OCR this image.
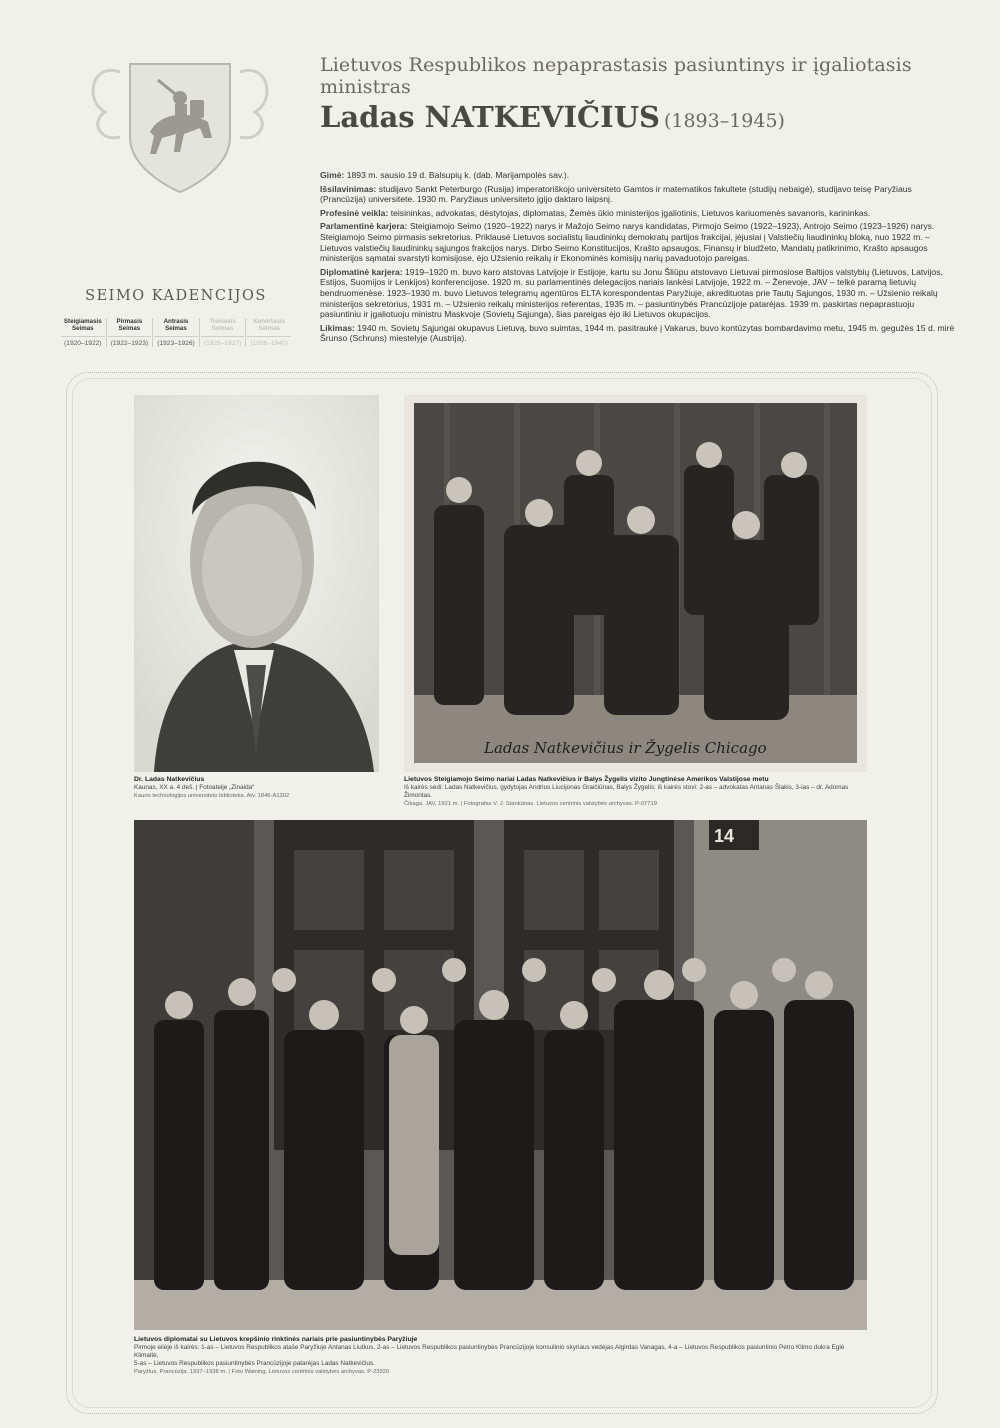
Lietuvos Respublikos nepaprastasis pasiuntinys ir įgaliotasis ministras

Ladas NATKEVIČIUS (1893–1945)

Gimė: 1893 m. sausio 19 d. Balsupių k. (dab. Marijampolės sav.).

Išsilavinimas: studijavo Sankt Peterburgo (Rusija) imperatoriškojo universiteto Gamtos ir matematikos fakultete (studijų nebaigė), studijavo teisę Paryžiaus (Prancūzija) universitete. 1930 m. Paryžiaus universiteto įgijo daktaro laipsnį.

Profesinė veikla: teisininkas, advokatas, dėstytojas, diplomatas, Žemės ūkio ministerijos įgaliotinis, Lietuvos kariuomenės savanoris, karininkas.

Parlamentinė karjera: Steigiamojo Seimo (1920–1922) narys ir Mažojo Seimo narys kandidatas, Pirmojo Seimo (1922–1923), Antrojo Seimo (1923–1926) narys. Steigiamojo Seimo pirmasis sekretorius. Priklausė Lietuvos socialistų liaudininkų demokratų partijos frakcijai, įėjusiai į Valstiečių liaudininkų bloką, nuo 1922 m. – Lietuvos valstiečių liaudininkų sąjungos frakcijos narys. Dirbo Seimo Konstitucijos, Krašto apsaugos, Finansų ir biudžeto, Mandatų patikrinimo, Krašto apsaugos ministerijos sąmatai svarstyti komisijose, ėjo Užsienio reikalų ir Ekonominės komisijų narių pavaduotojo pareigas.

Diplomatinė karjera: 1919–1920 m. buvo karo atstovas Latvijoje ir Estijoje, kartu su Jonu Šliūpu atstovavo Lietuvai pirmosiose Baltijos valstybių (Lietuvos, Latvijos, Estijos, Suomijos ir Lenkijos) konferencijose. 1920 m. su parlamentinės delegacijos nariais lankėsi Latvijoje, 1922 m. – Ženevoje, JAV – telkė paramą lietuvių bendruomenėse. 1923–1930 m. buvo Lietuvos telegramų agentūros ELTA korespondentas Paryžiuje, akredituotas prie Tautų Sąjungos, 1930 m. – Užsienio reikalų ministerijos sekretorius, 1931 m. – Užsienio reikalų ministerijos referentas, 1935 m. – pasiuntinybės Prancūzijoje patarėjas. 1939 m. paskirtas nepaprastuoju pasiuntiniu ir įgaliotuoju ministru Maskvoje (Sovietų Sąjunga), šias pareigas ėjo iki Lietuvos okupacijos.

Likimas: 1940 m. Sovietų Sąjungai okupavus Lietuvą, buvo suimtas, 1944 m. pasitraukė į Vakarus, buvo kontūzytas bombardavimo metu, 1945 m. gegužės 15 d. mirė Šrunso (Schruns) miestelyje (Austrija).

SEIMO KADENCIJOS

Steigiamasis
Seimas
(1920–1922)
Pirmasis
Seimas
(1922–1923)
Antrasis
Seimas
(1923–1926)
Trečiasis
Seimas
(1926–1927)
Ketvirtasis
Seimas
(1936–1940)
Ladas Natkevičius ir Žygelis Chicago
14
Dr. Ladas Natkevičius
Kaunas, XX a. 4 deš. | Fotoatelje „Zinaida“
Kauno technologijos universiteto biblioteka. Atv. 1846-A1302
Lietuvos Steigiamojo Seimo nariai Ladas Natkevičius ir Balys Žygelis vizito Jungtinėse Amerikos Valstijose metu
Iš kairės sėdi: Ladas Natkevičius, gydytojas Andrius Liucijonas Graičiūnas, Balys Žygelis; iš kairės stovi: 2-as – advokatas Antanas Šlakis, 3-ias – dr. Adomas Žimontas.
Čikaga, JAV, 1921 m. | Fotografas V. J. Stankūnas. Lietuvos centrinis valstybės archyvas. P-07719
Lietuvos diplomatai su Lietuvos krepšinio rinktinės nariais prie pasiuntinybės Paryžiuje
Pirmoje eilėje iš kairės: 1-as – Lietuvos Respublikos ataše Paryžiuje Antanas Liutkus, 2-as – Lietuvos Respublikos pasiuntinybės Prancūzijoje konsulinio skyriaus vedėjas Algirdas Vanagas, 4-a – Lietuvos Respublikos pasiuntinio Petro Klimo dukra Eglė Klimaitė,
5-as – Lietuvos Respublikos pasiuntinybės Prancūzijoje patarėjas Ladas Natkevičius.
Paryžius, Prancūzija, 1937–1938 m. | Foto Waining. Lietuvos centrinis valstybės archyvas. P-23920
